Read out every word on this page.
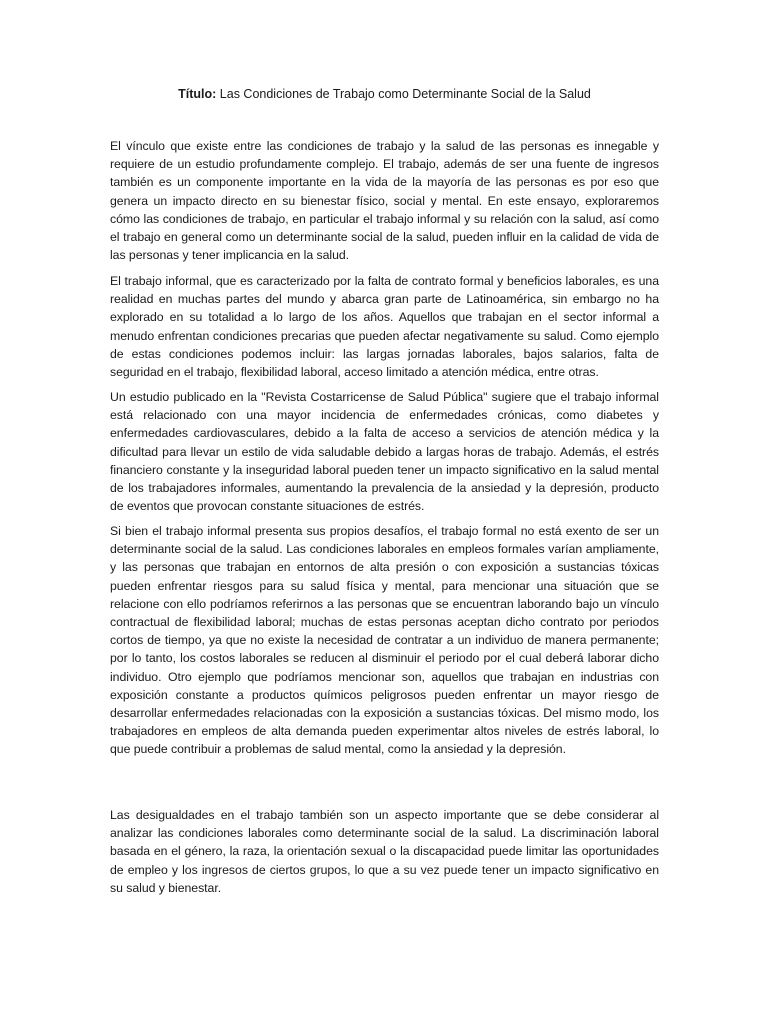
Título: Las Condiciones de Trabajo como Determinante Social de la Salud

El vínculo que existe entre las condiciones de trabajo y la salud de las personas es innegable y requiere de un estudio profundamente complejo. El trabajo, además de ser una fuente de ingresos también es un componente importante en la vida de la mayoría de las personas es por eso que genera un impacto directo en su bienestar físico, social y mental. En este ensayo, exploraremos cómo las condiciones de trabajo, en particular el trabajo informal y su relación con la salud, así como el trabajo en general como un determinante social de la salud, pueden influir en la calidad de vida de las personas y tener implicancia en la salud.

El trabajo informal, que es caracterizado por la falta de contrato formal y beneficios laborales, es una realidad en muchas partes del mundo y abarca gran parte de Latinoamérica, sin embargo no ha explorado en su totalidad a lo largo de los años. Aquellos que trabajan en el sector informal a menudo enfrentan condiciones precarias que pueden afectar negativamente su salud. Como ejemplo de estas condiciones podemos incluir: las largas jornadas laborales, bajos salarios, falta de seguridad en el trabajo, flexibilidad laboral, acceso limitado a atención médica, entre otras.

Un estudio publicado en la "Revista Costarricense de Salud Pública" sugiere que el trabajo informal está relacionado con una mayor incidencia de enfermedades crónicas, como diabetes y enfermedades cardiovasculares, debido a la falta de acceso a servicios de atención médica y la dificultad para llevar un estilo de vida saludable debido a largas horas de trabajo. Además, el estrés financiero constante y la inseguridad laboral pueden tener un impacto significativo en la salud mental de los trabajadores informales, aumentando la prevalencia de la ansiedad y la depresión, producto de eventos que provocan constante situaciones de estrés.

Si bien el trabajo informal presenta sus propios desafíos, el trabajo formal no está exento de ser un determinante social de la salud. Las condiciones laborales en empleos formales varían ampliamente, y las personas que trabajan en entornos de alta presión o con exposición a sustancias tóxicas pueden enfrentar riesgos para su salud física y mental, para mencionar una situación que se relacione con ello podríamos referirnos a las personas que se encuentran laborando bajo un vínculo contractual de flexibilidad laboral; muchas de estas personas aceptan dicho contrato por periodos cortos de tiempo, ya que no existe la necesidad de contratar a un individuo de manera permanente; por lo tanto, los costos laborales se reducen al disminuir el periodo por el cual deberá laborar dicho individuo. Otro ejemplo que podríamos mencionar son, aquellos que trabajan en industrias con exposición constante a productos químicos peligrosos pueden enfrentar un mayor riesgo de desarrollar enfermedades relacionadas con la exposición a sustancias tóxicas. Del mismo modo, los trabajadores en empleos de alta demanda pueden experimentar altos niveles de estrés laboral, lo que puede contribuir a problemas de salud mental, como la ansiedad y la depresión.

Las desigualdades en el trabajo también son un aspecto importante que se debe considerar al analizar las condiciones laborales como determinante social de la salud. La discriminación laboral basada en el género, la raza, la orientación sexual o la discapacidad puede limitar las oportunidades de empleo y los ingresos de ciertos grupos, lo que a su vez puede tener un impacto significativo en su salud y bienestar.
